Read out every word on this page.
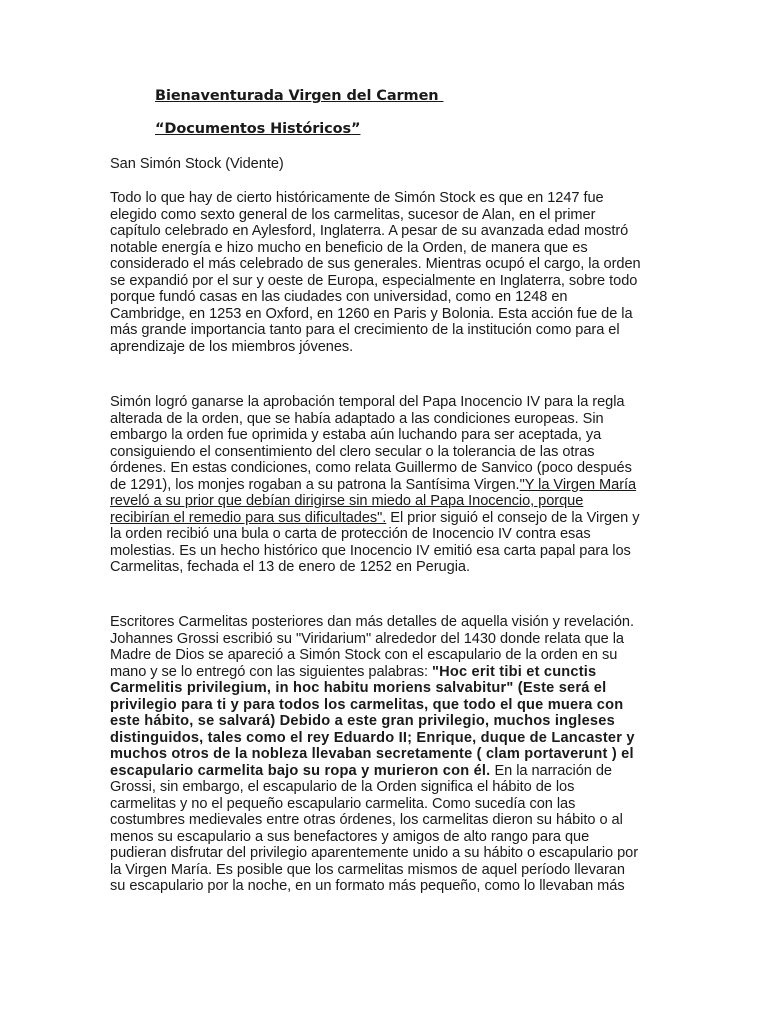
Bienaventurada Virgen del Carmen
“Documentos Históricos”

San Simón Stock (Vidente)

Todo lo que hay de cierto históricamente de Simón Stock es que en 1247 fue elegido como sexto general de los carmelitas, sucesor de Alan, en el primer capítulo celebrado en Aylesford, Inglaterra. A pesar de su avanzada edad mostró notable energía e hizo mucho en beneficio de la Orden, de manera que es considerado el más celebrado de sus generales. Mientras ocupó el cargo, la orden se expandió por el sur y oeste de Europa, especialmente en Inglaterra, sobre todo porque fundó casas en las ciudades con universidad, como en 1248 en Cambridge, en 1253 en Oxford, en 1260 en Paris y Bolonia. Esta acción fue de la más grande importancia tanto para el crecimiento de la institución como para el aprendizaje de los miembros jóvenes.

Simón logró ganarse la aprobación temporal del Papa Inocencio IV para la regla alterada de la orden, que se había adaptado a las condiciones europeas. Sin embargo la orden fue oprimida y estaba aún luchando para ser aceptada, ya consiguiendo el consentimiento del clero secular o la tolerancia de las otras órdenes. En estas condiciones, como relata Guillermo de Sanvico (poco después de 1291), los monjes rogaban a su patrona la Santísima Virgen."Y la Virgen María reveló a su prior que debían dirigirse sin miedo al Papa Inocencio, porque recibirían el remedio para sus dificultades". El prior siguió el consejo de la Virgen y la orden recibió una bula o carta de protección de Inocencio IV contra esas molestias. Es un hecho histórico que Inocencio IV emitió esa carta papal para los Carmelitas, fechada el 13 de enero de 1252 en Perugia.

Escritores Carmelitas posteriores dan más detalles de aquella visión y revelación. Johannes Grossi escribió su "Viridarium" alrededor del 1430 donde relata que la Madre de Dios se apareció a Simón Stock con el escapulario de la orden en su mano y se lo entregó con las siguientes palabras: "Hoc erit tibi et cunctis Carmelitis privilegium, in hoc habitu moriens salvabitur" (Este será el privilegio para ti y para todos los carmelitas, que todo el que muera con este hábito, se salvará) Debido a este gran privilegio, muchos ingleses distinguidos, tales como el rey Eduardo II; Enrique, duque de Lancaster y muchos otros de la nobleza llevaban secretamente ( clam portaverunt ) el escapulario carmelita bajo su ropa y murieron con él. En la narración de Grossi, sin embargo, el escapulario de la Orden significa el hábito de los carmelitas y no el pequeño escapulario carmelita. Como sucedía con las costumbres medievales entre otras órdenes, los carmelitas dieron su hábito o al menos su escapulario a sus benefactores y amigos de alto rango para que pudieran disfrutar del privilegio aparentemente unido a su hábito o escapulario por la Virgen María. Es posible que los carmelitas mismos de aquel período llevaran su escapulario por la noche, en un formato más pequeño, como lo llevaban más
